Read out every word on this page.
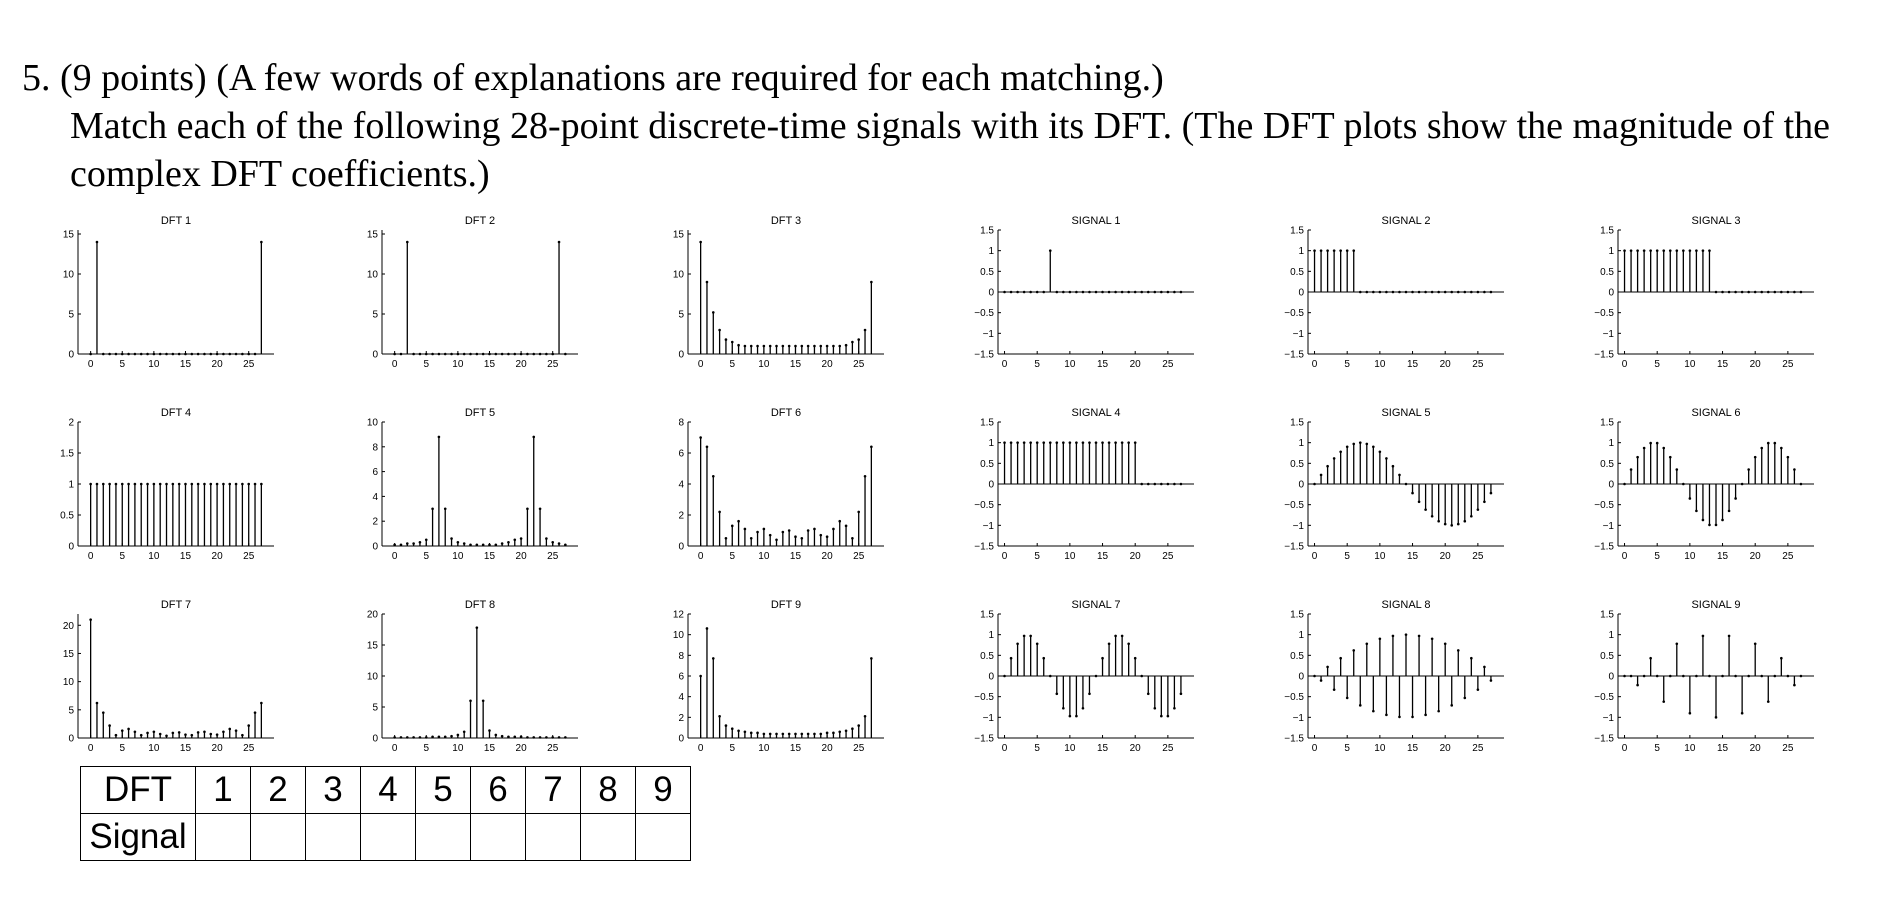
5. (9 points) (A few words of explanations are required for each matching.)
Match each of the following 28-point discrete-time signals with its DFT. (The DFT plots show the magnitude of the
complex DFT coefficients.)
DFT 1
0
5
10
15
0	5 10 15 20 25
DFT 2
0
5
10
15
0	5 10 15 20 25
DFT 3
0
5
10
15
0	5 10 15 20 25
DFT 4
0
0.5
1
1.5
2
0	5 10 15 20 25
DFT 5
0
2
4
6
8
10
0	5 10 15 20 25
DFT 6
0
2
4
6
8
0	5 10 15 20 25
DFT 7
0
5
10
15
20
0	5 10 15 20 25
DFT 8
0
5
10
15
20
0	5 10 15 20 25
DFT 9
0
2
4
6
8
10
12
0	5 10 15 20 25
SIGNAL 1
−1.5
−1
−0.5
0
0.5
1
1.5
0	5 10 15 20 25
SIGNAL 2
−1.5
−1
−0.5
0
0.5
1
1.5
0	5 10 15 20 25
SIGNAL 3
−1.5
−1
−0.5
0
0.5
1
1.5
0	5 10 15 20 25
SIGNAL 4
−1.5
−1
−0.5
0
0.5
1
1.5
0	5 10 15 20 25
SIGNAL 5
−1.5
−1
−0.5
0
0.5
1
1.5
0	5 10 15 20 25
SIGNAL 6
−1.5
−1
−0.5
0
0.5
1
1.5
0	5 10 15 20 25
SIGNAL 7
−1.5
−1
−0.5
0
0.5
1
1.5
0	5 10 15 20 25
SIGNAL 8
−1.5
−1
−0.5
0
0.5
1
1.5
0	5 10 15 20 25
SIGNAL 9
−1.5
−1
−0.5
0
0.5
1
1.5
0	5 10 15 20 25
DFT	1	2	3	4	5	6	7	8	9
Signal									
